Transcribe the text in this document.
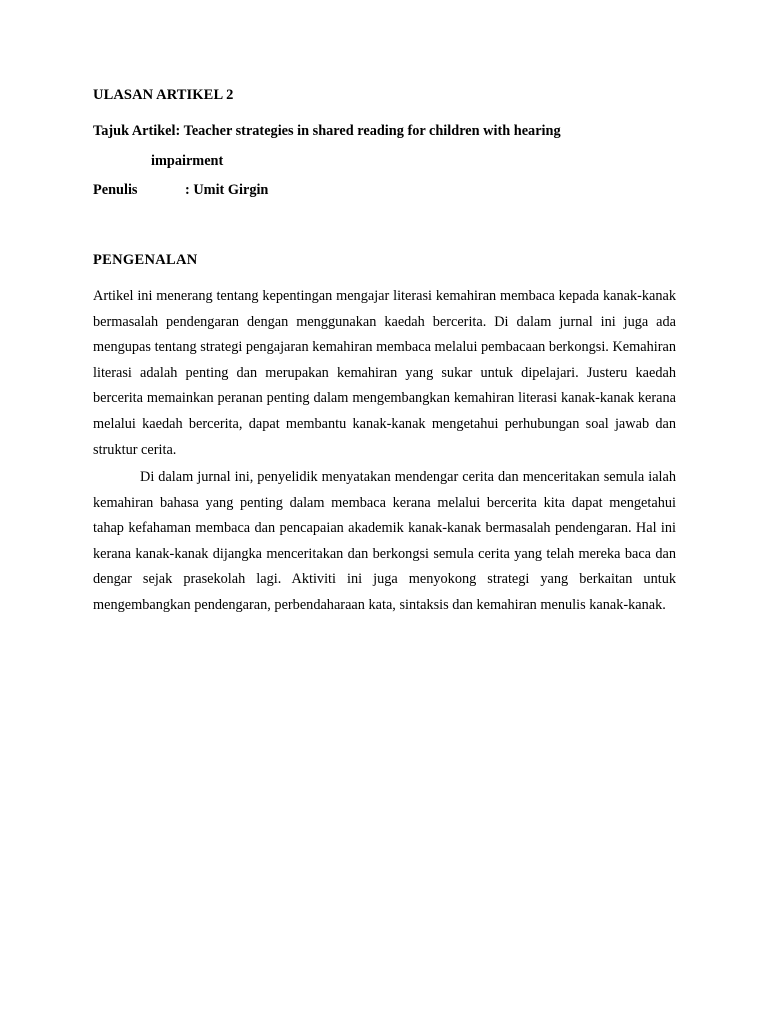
ULASAN ARTIKEL 2
Tajuk Artikel: Teacher strategies in shared reading for children with hearing
impairment
Penulis	: Umit Girgin
PENGENALAN

Artikel ini menerang tentang kepentingan mengajar literasi kemahiran membaca kepada kanak-kanak bermasalah pendengaran dengan menggunakan kaedah bercerita. Di dalam jurnal ini juga ada mengupas tentang strategi pengajaran kemahiran membaca melalui pembacaan berkongsi. Kemahiran literasi adalah penting dan merupakan kemahiran yang sukar untuk dipelajari. Justeru kaedah bercerita memainkan peranan penting dalam mengembangkan kemahiran literasi kanak-kanak kerana melalui kaedah bercerita, dapat membantu kanak-kanak mengetahui perhubungan soal jawab dan struktur cerita.

Di dalam jurnal ini, penyelidik menyatakan mendengar cerita dan menceritakan semula ialah kemahiran bahasa yang penting dalam membaca kerana melalui bercerita kita dapat mengetahui tahap kefahaman membaca dan pencapaian akademik kanak-kanak bermasalah pendengaran. Hal ini kerana kanak-kanak dijangka menceritakan dan berkongsi semula cerita yang telah mereka baca dan dengar sejak prasekolah lagi. Aktiviti ini juga menyokong strategi yang berkaitan untuk mengembangkan pendengaran, perbendaharaan kata, sintaksis dan kemahiran menulis kanak-kanak.
